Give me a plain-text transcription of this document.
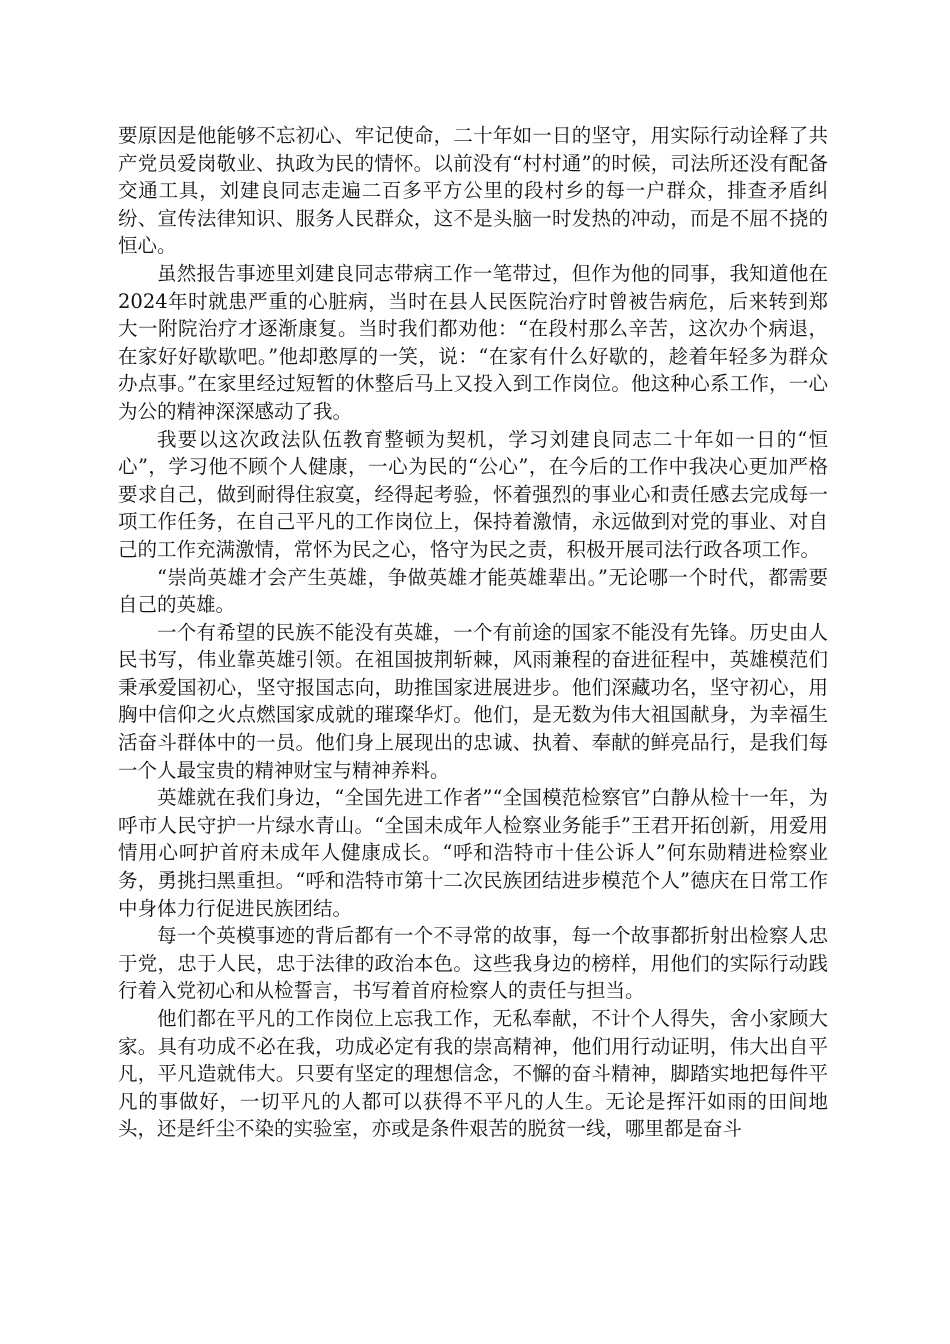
要原因是他能够不忘初心、牢记使命，二十年如一日的坚守，用实际行动诠释了共产党员爱岗敬业、执政为民的情怀。以前没有“村村通”的时候，司法所还没有配备交通工具，刘建良同志走遍二百多平方公里的段村乡的每一户群众，排查矛盾纠纷、宣传法律知识、服务人民群众，这不是头脑一时发热的冲动，而是不屈不挠的恒心。

虽然报告事迹里刘建良同志带病工作一笔带过，但作为他的同事，我知道他在2024年时就患严重的心脏病，当时在县人民医院治疗时曾被告病危，后来转到郑大一附院治疗才逐渐康复。当时我们都劝他：“在段村那么辛苦，这次办个病退，在家好好歇歇吧。”他却憨厚的一笑，说：“在家有什么好歇的，趁着年轻多为群众办点事。”在家里经过短暂的休整后马上又投入到工作岗位。他这种心系工作，一心为公的精神深深感动了我。

我要以这次政法队伍教育整顿为契机，学习刘建良同志二十年如一日的“恒心”，学习他不顾个人健康，一心为民的“公心”，在今后的工作中我决心更加严格要求自己，做到耐得住寂寞，经得起考验，怀着强烈的事业心和责任感去完成每一项工作任务，在自己平凡的工作岗位上，保持着激情，永远做到对党的事业、对自己的工作充满激情，常怀为民之心，恪守为民之责，积极开展司法行政各项工作。

“崇尚英雄才会产生英雄，争做英雄才能英雄辈出。”无论哪一个时代，都需要自己的英雄。

一个有希望的民族不能没有英雄，一个有前途的国家不能没有先锋。历史由人民书写，伟业靠英雄引领。在祖国披荆斩棘，风雨兼程的奋进征程中，英雄模范们秉承爱国初心，坚守报国志向，助推国家进展进步。他们深藏功名，坚守初心，用胸中信仰之火点燃国家成就的璀璨华灯。他们，是无数为伟大祖国献身，为幸福生活奋斗群体中的一员。他们身上展现出的忠诚、执着、奉献的鲜亮品行，是我们每一个人最宝贵的精神财宝与精神养料。

英雄就在我们身边，“全国先进工作者”“全国模范检察官”白静从检十一年，为呼市人民守护一片绿水青山。“全国未成年人检察业务能手”王君开拓创新，用爱用情用心呵护首府未成年人健康成长。“呼和浩特市十佳公诉人”何东勋精进检察业务，勇挑扫黑重担。“呼和浩特市第十二次民族团结进步模范个人”德庆在日常工作中身体力行促进民族团结。

每一个英模事迹的背后都有一个不寻常的故事，每一个故事都折射出检察人忠于党，忠于人民，忠于法律的政治本色。这些我身边的榜样，用他们的实际行动践行着入党初心和从检誓言，书写着首府检察人的责任与担当。

他们都在平凡的工作岗位上忘我工作，无私奉献，不计个人得失，舍小家顾大家。具有功成不必在我，功成必定有我的崇高精神，他们用行动证明，伟大出自平凡，平凡造就伟大。只要有坚定的理想信念，不懈的奋斗精神，脚踏实地把每件平凡的事做好，一切平凡的人都可以获得不平凡的人生。无论是挥汗如雨的田间地头，还是纤尘不染的实验室，亦或是条件艰苦的脱贫一线，哪里都是奋斗
